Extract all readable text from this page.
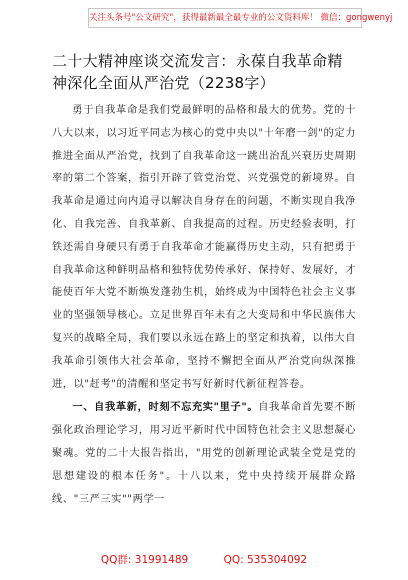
关注头条号"公文研究"，获得最新最全最专业的公文资料库！ 微信：gongwenyj
二十大精神座谈交流发言：永葆自我革命精神深化全面从严治党（2238字）

勇于自我革命是我们党最鲜明的品格和最大的优势。党的十八大以来，以习近平同志为核心的党中央以"十年磨一剑"的定力推进全面从严治党，找到了自我革命这一跳出治乱兴衰历史周期率的第二个答案，指引开辟了管党治党、兴党强党的新境界。自我革命是通过向内追寻以解决自身存在的问题，不断实现自我净化、自我完善、自我革新、自我提高的过程。历史经验表明，打铁还需自身硬只有勇于自我革命才能赢得历史主动，只有把勇于自我革命这种鲜明品格和独特优势传承好、保持好、发展好，才能使百年大党不断焕发蓬勃生机，始终成为中国特色社会主义事业的坚强领导核心。立足世界百年未有之大变局和中华民族伟大复兴的战略全局，我们要以永远在路上的坚定和执着，以伟大自我革命引领伟大社会革命，坚持不懈把全面从严治党向纵深推进，以"赶考"的清醒和坚定书写好新时代新征程答卷。

一、自我革新，时刻不忘充实"里子"。自我革命首先要不断强化政治理论学习，用习近平新时代中国特色社会主义思想凝心聚魂。党的二十大报告指出，"用党的创新理论武装全党是党的思想建设的根本任务"。十八以来，党中央持续开展群众路线、"三严三实""两学一

QQ群: 31991489	QQ: 535304092
